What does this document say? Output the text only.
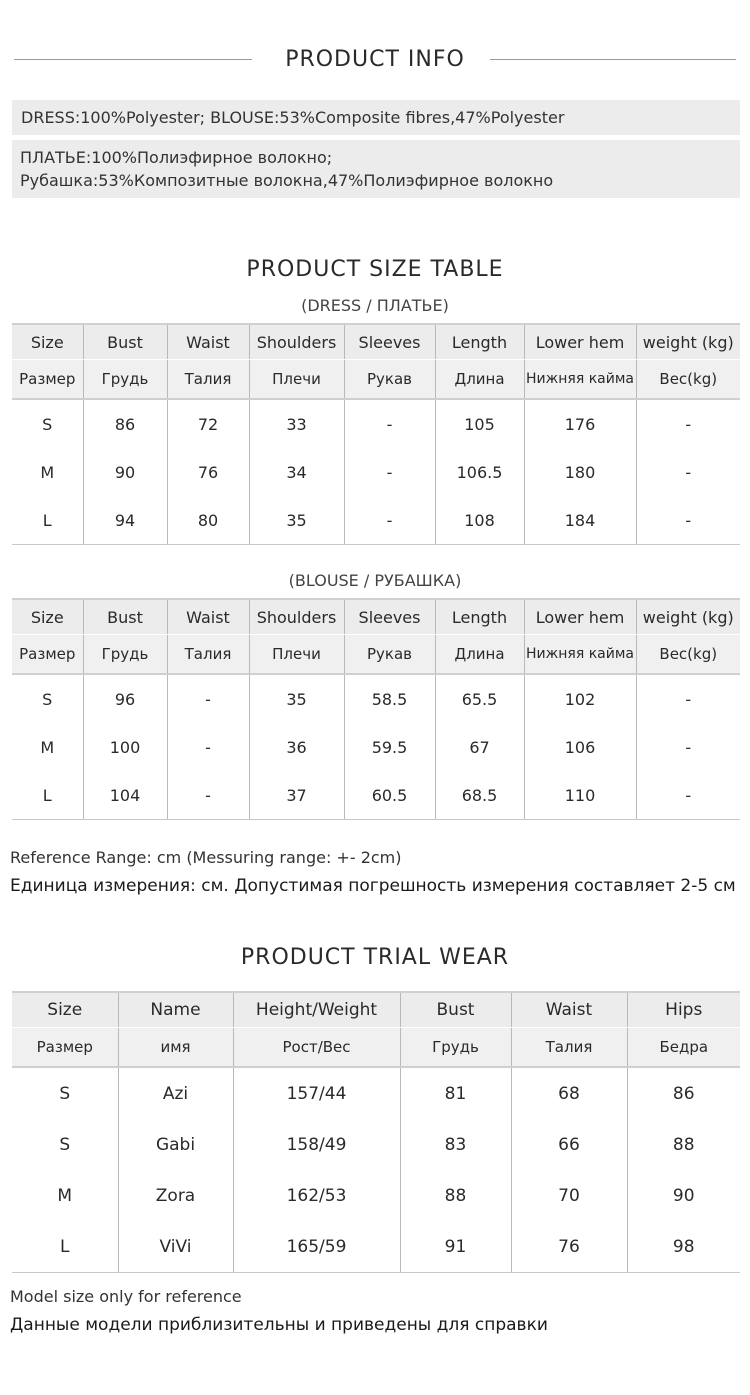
PRODUCT INFO
DRESS:100%Polyester; BLOUSE:53%Composite fibres,47%Polyester
ПЛАТЬЕ:100%Полиэфирное волокно;
Рубашка:53%Композитные волокна,47%Полиэфирное волокно
PRODUCT SIZE TABLE
(DRESS / ПЛАТЬЕ)
Size	Bust	Waist	Shoulders	Sleeves	Length	Lower hem	weight (kg)
Размер	Грудь	Талия	Плечи	Рукав	Длина	Нижняя кайма	Вес(kg)
S	86	72	33	-	105	176	-
M	90	76	34	-	106.5	180	-
L	94	80	35	-	108	184	-
(BLOUSE / РУБАШКА)
Size	Bust	Waist	Shoulders	Sleeves	Length	Lower hem	weight (kg)
Размер	Грудь	Талия	Плечи	Рукав	Длина	Нижняя кайма	Вес(kg)
S	96	-	35	58.5	65.5	102	-
M	100	-	36	59.5	67	106	-
L	104	-	37	60.5	68.5	110	-
Reference Range: cm (Messuring range: +- 2cm)
Единица измерения: см. Допустимая погрешность измерения составляет 2-5 см
PRODUCT TRIAL WEAR
Size	Name	Height/Weight	Bust	Waist	Hips
Размер	имя	Рост/Вес	Грудь	Талия	Бедра
S	Azi	157/44	81	68	86
S	Gabi	158/49	83	66	88
M	Zora	162/53	88	70	90
L	ViVi	165/59	91	76	98
Model size only for reference
Данные модели приблизительны и приведены для справки
